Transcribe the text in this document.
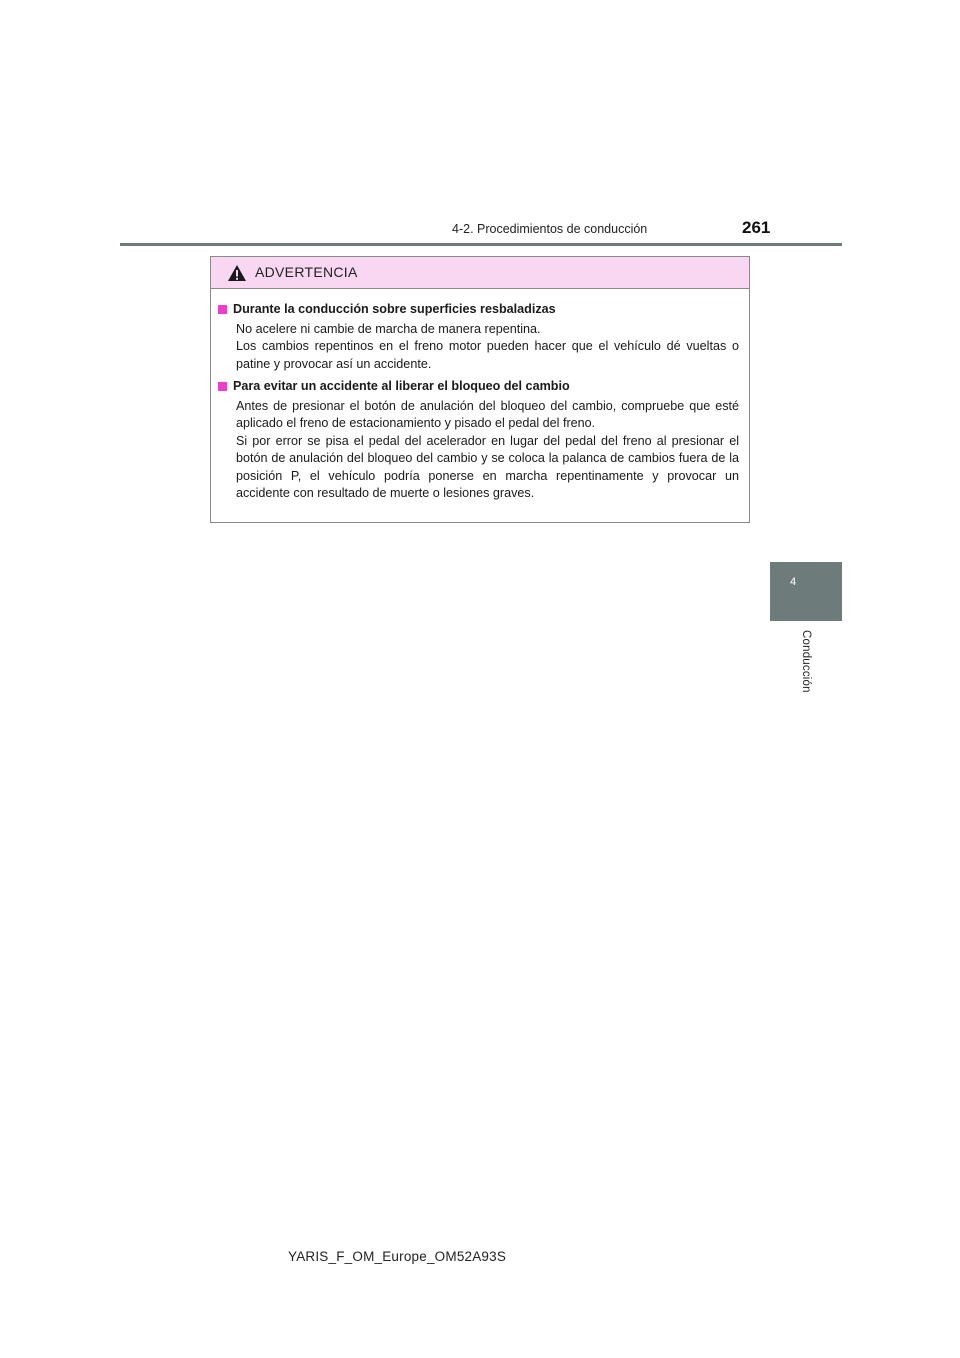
4-2. Procedimientos de conducción	261
4
Conducción
ADVERTENCIA
Durante la conducción sobre superficies resbaladizas
No acelere ni cambie de marcha de manera repentina.
Los cambios repentinos en el freno motor pueden hacer que el vehículo dé vueltas o patine y provocar así un accidente.
Para evitar un accidente al liberar el bloqueo del cambio
Antes de presionar el botón de anulación del bloqueo del cambio, compruebe que esté aplicado el freno de estacionamiento y pisado el pedal del freno.
Si por error se pisa el pedal del acelerador en lugar del pedal del freno al presionar el botón de anulación del bloqueo del cambio y se coloca la palanca de cambios fuera de la posición P, el vehículo podría ponerse en marcha repentinamente y provocar un accidente con resultado de muerte o lesiones graves.
YARIS_F_OM_Europe_OM52A93S
